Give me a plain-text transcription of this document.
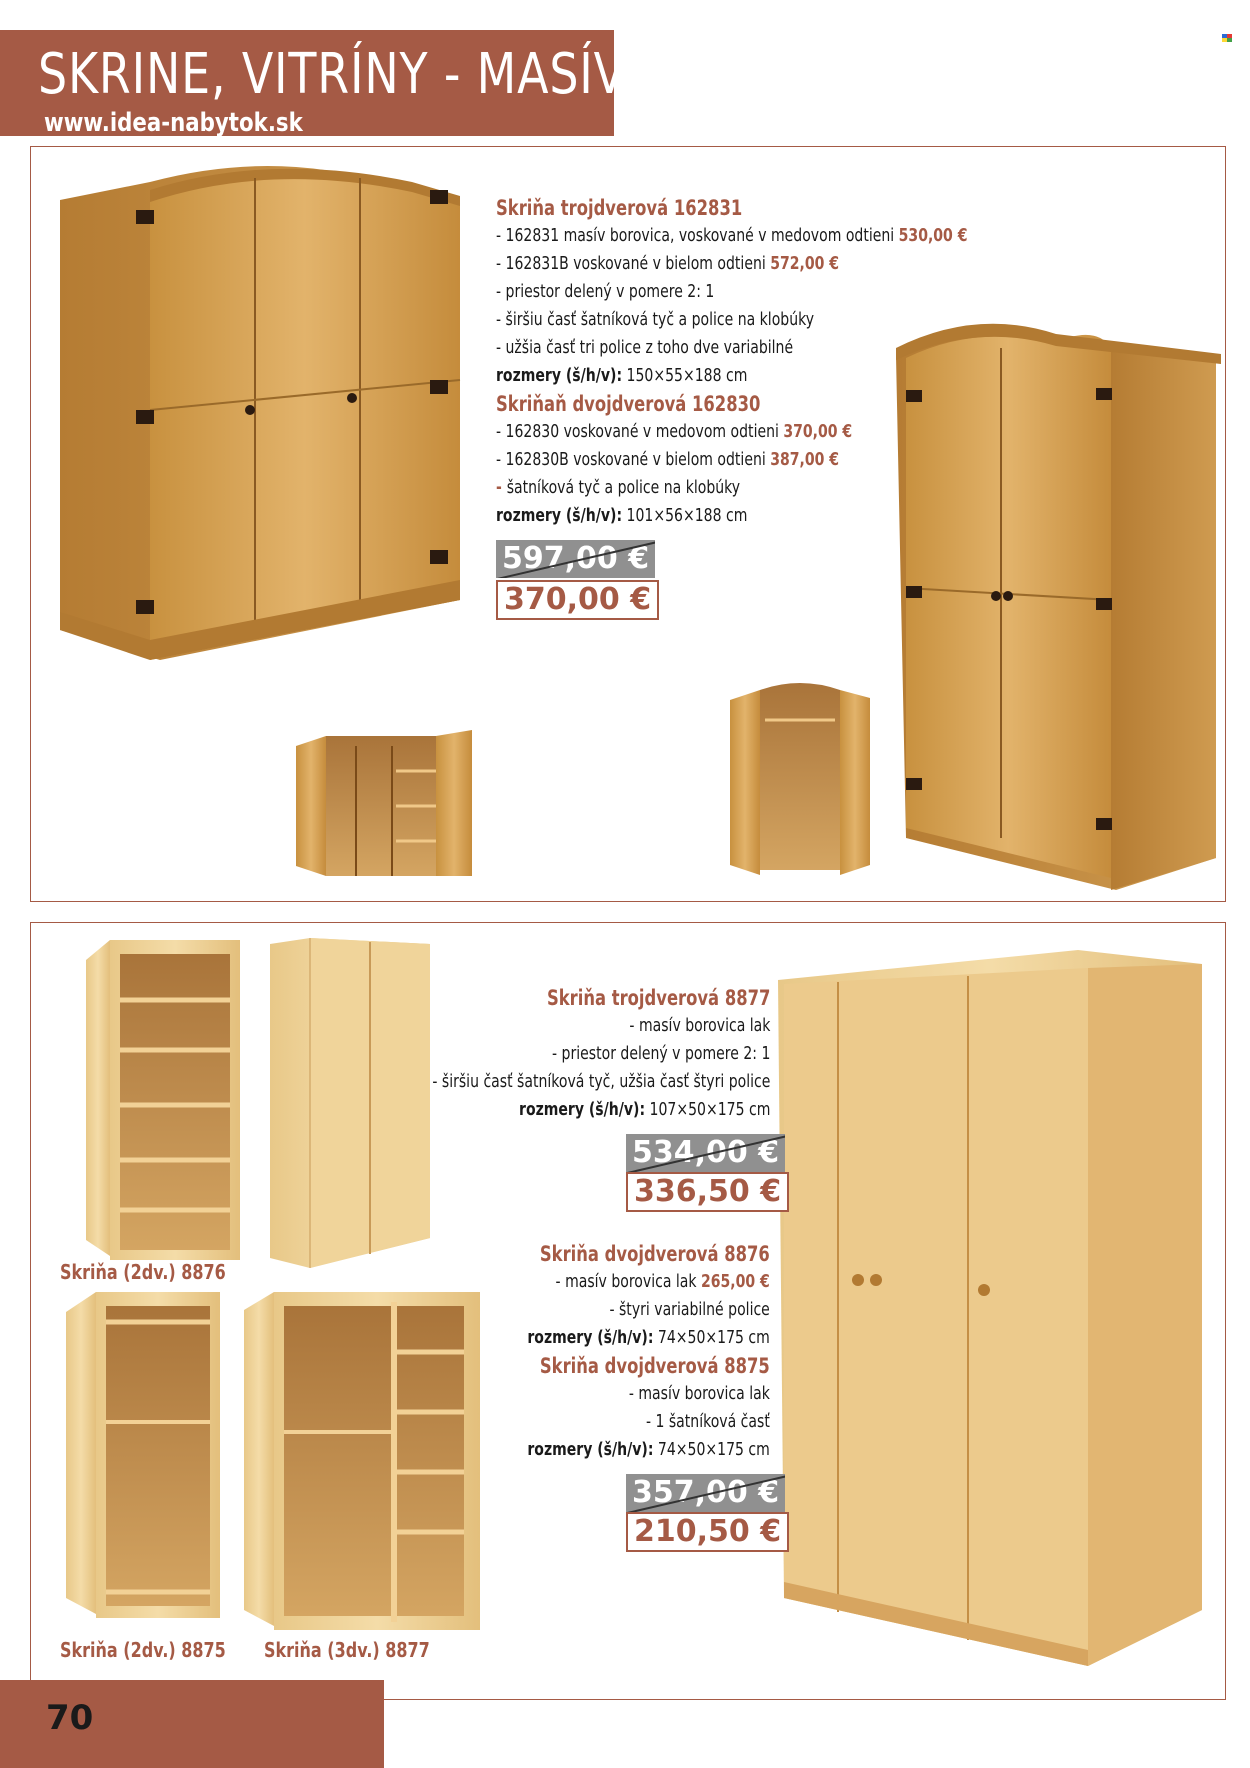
SKRINE, VITRÍNY - MASÍV
www.idea-nabytok.sk

Skriňa trojdverová 162831

- 162831 masív borovica, voskované v medovom odtieni 530,00 €

- 162831B voskované v bielom odtieni 572,00 €

- priestor delený v pomere 2: 1

- širšiu časť šatníková tyč a police na klobúky

- užšia časť tri police z toho dve variabilné

rozmery (š/h/v): 150×55×188 cm

Skriňaň dvojdverová 162830

- 162830 voskované v medovom odtieni 370,00 €

- 162830B voskované v bielom odtieni 387,00 €

- šatníková tyč a police na klobúky

rozmery (š/h/v): 101×56×188 cm

597,00 €
370,00 €

Skriňa trojdverová 8877

- masív borovica lak

- priestor delený v pomere 2: 1

- širšiu časť šatníková tyč, užšia časť štyri police

rozmery (š/h/v): 107×50×175 cm

534,00 €
336,50 €

Skriňa dvojdverová 8876

- masív borovica lak 265,00 €

- štyri variabilné police

rozmery (š/h/v): 74×50×175 cm

Skriňa dvojdverová 8875

- masív borovica lak

- 1 šatníková časť

rozmery (š/h/v): 74×50×175 cm

357,00 €
210,50 €
Skriňa (2dv.) 8876
Skriňa (2dv.) 8875 Skriňa (3dv.) 8877
70
